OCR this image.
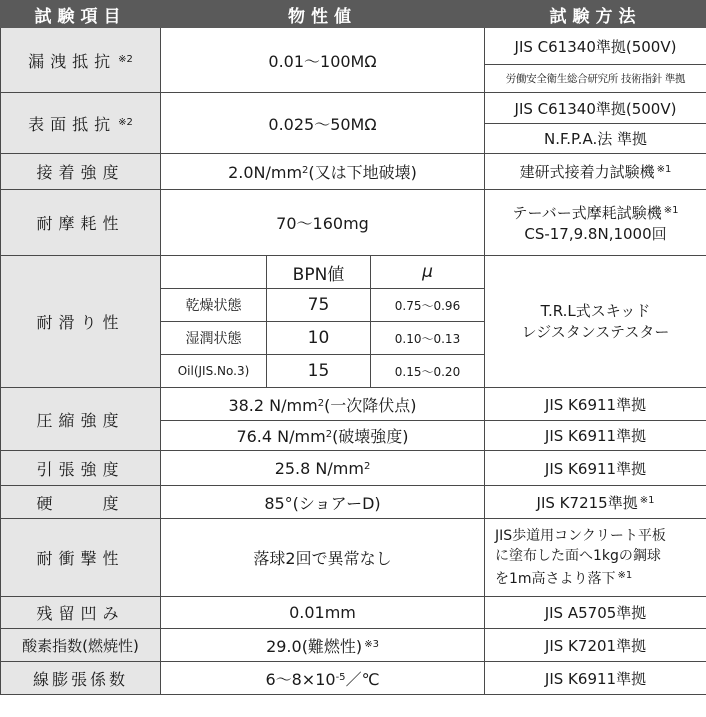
試験項目	物性値			試験方法
漏洩抵抗 $^{※2}$	0.01～100MΩ			JIS C61340準拠(500V)
				労働安全衛生総合研究所 技術指針 準拠
表面抵抗 $^{※2}$	0.025～50MΩ			JIS C61340準拠(500V)
				N.F.P.A.法 準拠
接着強度	$2.0N/mm^2$(又は下地破壊)			建研式接着力試験機 $^{※1}$
耐摩耗性	70～160mg			テーバー式摩耗試験機 $^{※1}$
CS-17,9.8N,1000回
耐滑り性		BPN値	μ	T.R.L式スキッド
レジスタンステスター
	乾燥状態	75	0.75～0.96	
	湿潤状態	10	0.10～0.13	
	Oil(JIS.No.3)	15	0.15～0.20	
圧縮強度	38.2 $N/mm^2$(一次降伏点)			JIS K6911準拠
	76.4 $N/mm^2$(破壊強度)			JIS K6911準拠
引張強度	25.8 $N/mm^2$			JIS K6911準拠
硬　　度	85°(ショアーD)			JIS K7215準拠 $^{※1}$
耐衝撃性	落球2回で異常なし			JIS歩道用コンクリート平板
に塗布した面へ1kgの鋼球
を1m高さより落下 $^{※1}$
残留凹み	0.01mm			JIS A5705準拠
酸素指数(燃焼性)	29.0(難燃性) $^{※3}$			JIS K7201準拠
線膨張係数	$6\sim 8\times 10^{-5}/℃$			JIS K6911準拠
